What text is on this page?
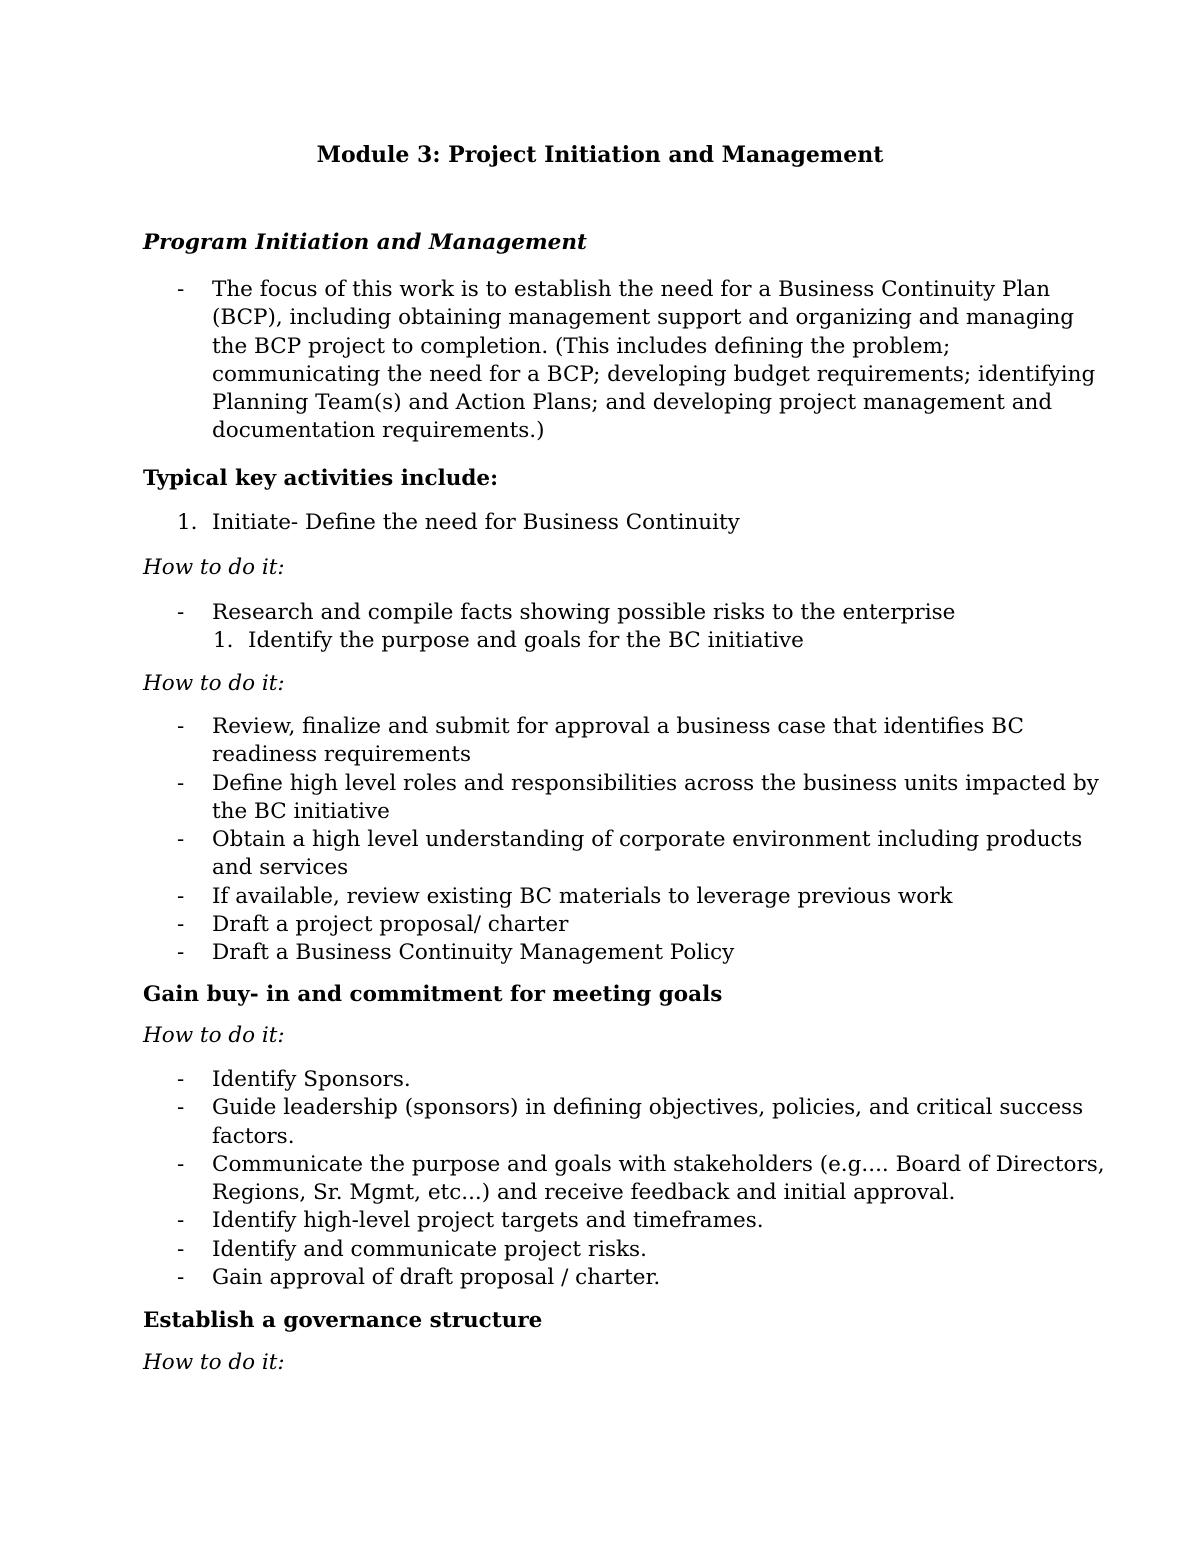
Module 3: Project Initiation and Management
Program Initiation and Management
- The focus of this work is to establish the need for a Business Continuity Plan
(BCP), including obtaining management support and organizing and managing
the BCP project to completion. (This includes defining the problem;
communicating the need for a BCP; developing budget requirements; identifying
Planning Team(s) and Action Plans; and developing project management and
documentation requirements.)
Typical key activities include:
1. Initiate- Define the need for Business Continuity

How to do it:

- Research and compile facts showing possible risks to the enterprise
1. Identify the purpose and goals for the BC initiative

How to do it:

- Review, finalize and submit for approval a business case that identifies BC
readiness requirements
- Define high level roles and responsibilities across the business units impacted by
the BC initiative
- Obtain a high level understanding of corporate environment including products
and services
- If available, review existing BC materials to leverage previous work
- Draft a project proposal/ charter
- Draft a Business Continuity Management Policy
Gain buy- in and commitment for meeting goals

How to do it:

- Identify Sponsors.
- Guide leadership (sponsors) in defining objectives, policies, and critical success
factors.
- Communicate the purpose and goals with stakeholders (e.g.... Board of Directors,
Regions, Sr. Mgmt, etc...) and receive feedback and initial approval.
- Identify high-level project targets and timeframes.
- Identify and communicate project risks.
- Gain approval of draft proposal / charter.
Establish a governance structure

How to do it:
